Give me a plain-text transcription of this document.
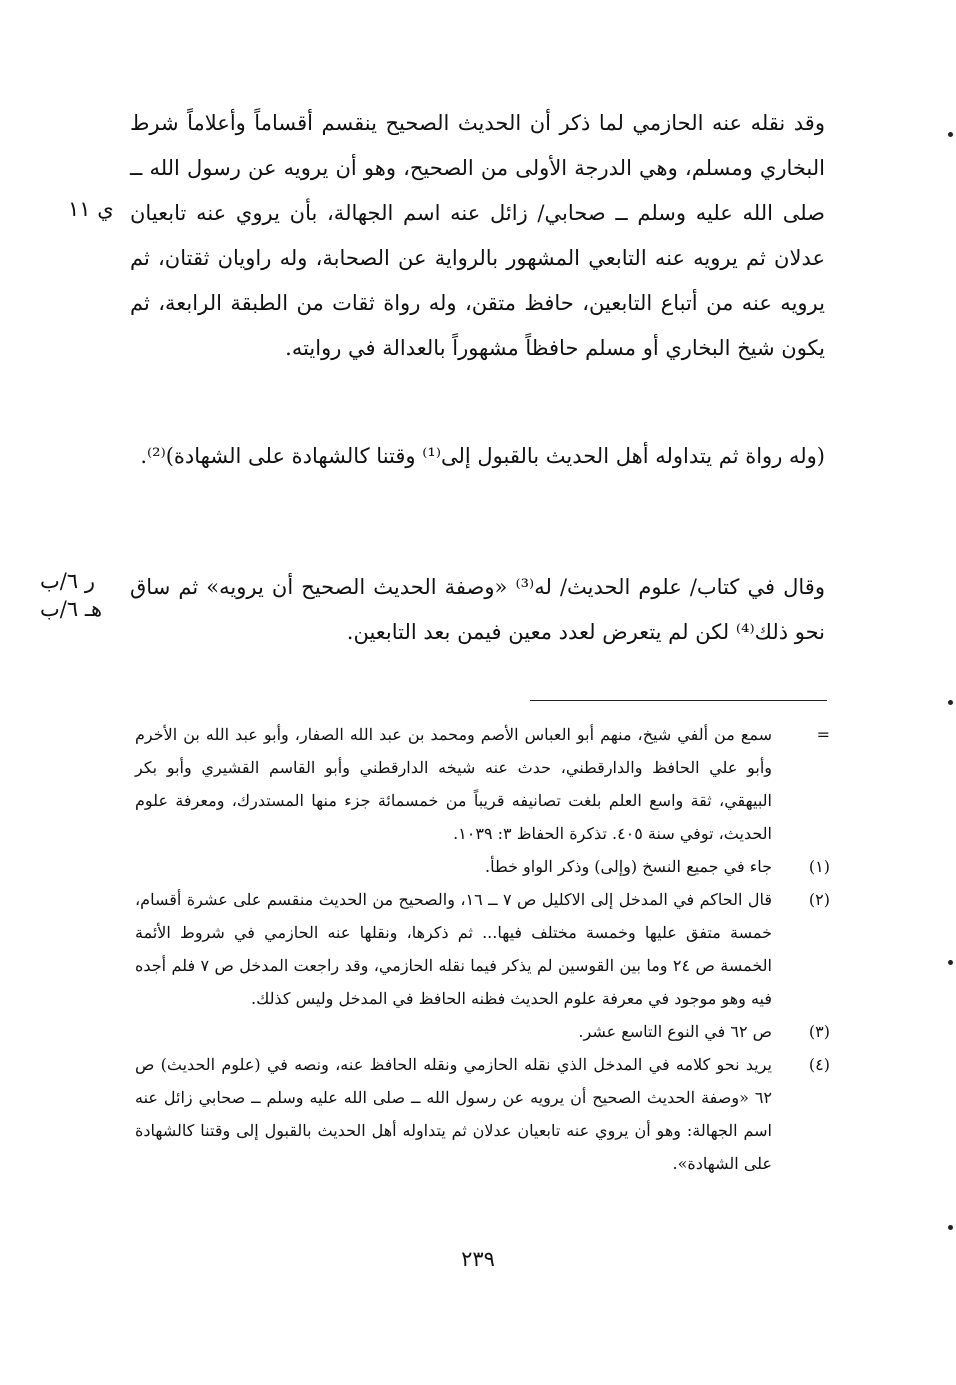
وقد نقله عنه الحازمي لما ذكر أن الحديث الصحيح ينقسم أقساماً وأعلاماً شرط البخاري ومسلم، وهي الدرجة الأولى من الصحيح، وهو أن يرويه عن رسول الله ــ صلى الله عليه وسلم ــ صحابي/ زائل عنه اسم الجهالة، بأن يروي عنه تابعيان عدلان ثم يرويه عنه التابعي المشهور بالرواية عن الصحابة، وله راويان ثقتان، ثم يرويه عنه من أتباع التابعين، حافظ متقن، وله رواة ثقات من الطبقة الرابعة، ثم يكون شيخ البخاري أو مسلم حافظاً مشهوراً بالعدالة في روايته.
(وله رواة ثم يتداوله أهل الحديث بالقبول إلى⁽¹⁾ وقتنا كالشهادة على الشهادة)⁽²⁾.
وقال في كتاب/ علوم الحديث/ له⁽³⁾ «وصفة الحديث الصحيح أن يرويه» ثم ساق نحو ذلك⁽⁴⁾ لكن لم يتعرض لعدد معين فيمن بعد التابعين.
ي ١١
ر ٦/ب
هـ ٦/ب
=
سمع من ألفي شيخ، منهم أبو العباس الأصم ومحمد بن عبد الله الصفار، وأبو عبد الله بن الأخرم وأبو علي الحافظ والدارقطني، حدث عنه شيخه الدارقطني وأبو القاسم القشيري وأبو بكر البيهقي، ثقة واسع العلم بلغت تصانيفه قريباً من خمسمائة جزء منها المستدرك، ومعرفة علوم الحديث، توفي سنة ٤٠٥. تذكرة الحفاظ ٣: ١٠٣٩.
(١)
جاء في جميع النسخ (وإلى) وذكر الواو خطأ.
(٢)
قال الحاكم في المدخل إلى الاكليل ص ٧ ــ ١٦، والصحيح من الحديث منقسم على عشرة أقسام، خمسة متفق عليها وخمسة مختلف فيها... ثم ذكرها، ونقلها عنه الحازمي في شروط الأئمة الخمسة ص ٢٤ وما بين القوسين لم يذكر فيما نقله الحازمي، وقد راجعت المدخل ص ٧ فلم أجده فيه وهو موجود في معرفة علوم الحديث فظنه الحافظ في المدخل وليس كذلك.
(٣)
ص ٦٢ في النوع التاسع عشر.
(٤)
يريد نحو كلامه في المدخل الذي نقله الحازمي ونقله الحافظ عنه، ونصه في (علوم الحديث) ص ٦٢ «وصفة الحديث الصحيح أن يرويه عن رسول الله ــ صلى الله عليه وسلم ــ صحابي زائل عنه اسم الجهالة: وهو أن يروي عنه تابعيان عدلان ثم يتداوله أهل الحديث بالقبول إلى وقتنا كالشهادة على الشهادة».
٢٣٩
